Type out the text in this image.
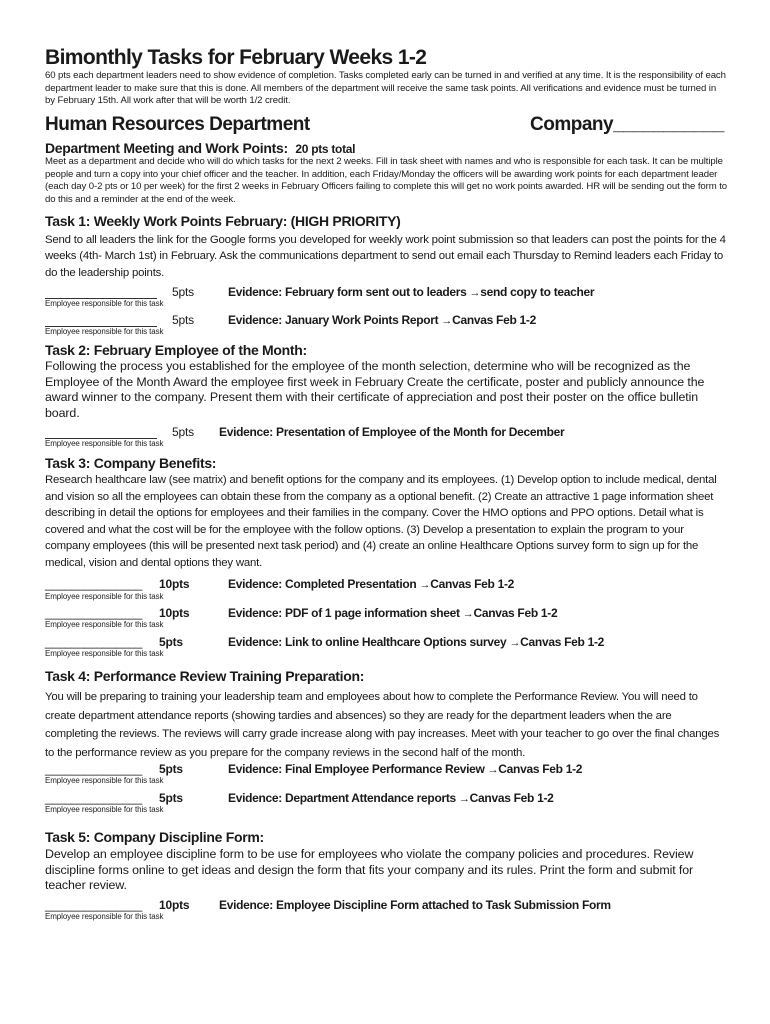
Bimonthly Tasks for February Weeks 1-2
60 pts each department leaders need to show evidence of completion. Tasks completed early can be turned in and verified at any time. It is the responsibility of each department leader to make sure that this is done. All members of the department will receive the same task points. All verifications and evidence must be turned in by February 15th. All work after that will be worth 1/2 credit.
Human Resources Department	Company___________
Department Meeting and Work Points: 20 pts total
Meet as a department and decide who will do which tasks for the next 2 weeks. Fill in task sheet with names and who is responsible for each task. It can be multiple people and turn a copy into your chief officer and the teacher. In addition, each Friday/Monday the officers will be awarding work points for each department leader (each day 0-2 pts or 10 per week) for the first 2 weeks in February Officers failing to complete this will get no work points awarded. HR will be sending out the form to do this and a reminder at the end of the week.
Task 1: Weekly Work Points February: (HIGH PRIORITY)
Send to all leaders the link for the Google forms you developed for weekly work point submission so that leaders can post the points for the 4 weeks (4th- March 1st) in February. Ask the communications department to send out email each Thursday to Remind leaders each Friday to do the leadership points.
5pts
Employee responsible for this task
Evidence: February form sent out to leaders →send copy to teacher
5pts
Employee responsible for this task
Evidence: January Work Points Report →Canvas Feb 1-2
Task 2: February Employee of the Month:
Following the process you established for the employee of the month selection, determine who will be recognized as the Employee of the Month Award the employee first week in February Create the certificate, poster and publicly announce the award winner to the company. Present them with their certificate of appreciation and post their poster on the office bulletin board.
5pts
Employee responsible for this task
Evidence: Presentation of Employee of the Month for December
Task 3: Company Benefits:
Research healthcare law (see matrix) and benefit options for the company and its employees. (1) Develop option to include medical, dental and vision so all the employees can obtain these from the company as a optional benefit. (2) Create an attractive 1 page information sheet describing in detail the options for employees and their families in the company. Cover the HMO options and PPO options. Detail what is covered and what the cost will be for the employee with the follow options. (3) Develop a presentation to explain the program to your company employees (this will be presented next task period) and (4) create an online Healthcare Options survey form to sign up for the medical, vision and dental options they want.
_______________ 10pts
Employee responsible for this task
Evidence: Completed Presentation →Canvas Feb 1-2
_______________ 10pts
Employee responsible for this task
Evidence: PDF of 1 page information sheet →Canvas Feb 1-2
_______________ 5pts
Employee responsible for this task
Evidence: Link to online Healthcare Options survey →Canvas Feb 1-2
Task 4: Performance Review Training Preparation:
You will be preparing to training your leadership team and employees about how to complete the Performance Review. You will need to create department attendance reports (showing tardies and absences) so they are ready for the department leaders when the are completing the reviews. The reviews will carry grade increase along with pay increases. Meet with your teacher to go over the final changes to the performance review as you prepare for the company reviews in the second half of the month.
_______________ 5pts
Employee responsible for this task
Evidence: Final Employee Performance Review →Canvas Feb 1-2
_______________ 5pts
Employee responsible for this task
Evidence: Department Attendance reports →Canvas Feb 1-2
Task 5: Company Discipline Form:
Develop an employee discipline form to be use for employees who violate the company policies and procedures. Review discipline forms online to get ideas and design the form that fits your company and its rules. Print the form and submit for teacher review.
_______________ 10pts
Employee responsible for this task
Evidence: Employee Discipline Form attached to Task Submission Form
